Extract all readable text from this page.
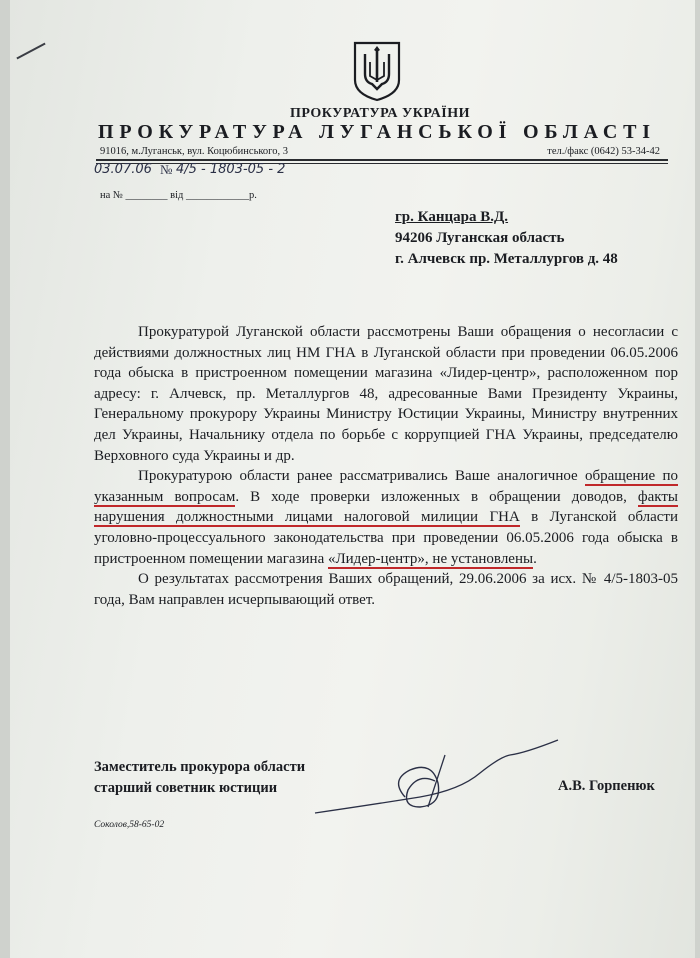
ПРОКУРАТУРА УКРАЇНИ
ПРОКУРАТУРА ЛУГАНСЬКОЇ ОБЛАСТІ
91016, м.Луганськ, вул. Коцюбинського, 3	тел./факс (0642) 53-34-42
03.07.06 № 4/5 - 1803-05 - 2
на № ________ від ____________р.
гр. Канцара В.Д.
94206 Луганская область
г. Алчевск пр. Металлургов д. 48

Прокуратурой Луганской области рассмотрены Ваши обращения о несогласии с действиями должностных лиц НМ ГНА в Луганской области при проведении 06.05.2006 года обыска в пристроенном помещении магазина «Лидер-центр», расположенном пор адресу: г. Алчевск, пр. Металлургов 48, адресованные Вами Президенту Украины, Генеральному прокурору Украины Министру Юстиции Украины, Министру внутренних дел Украины, Начальнику отдела по борьбе с коррупцией ГНА Украины, председателю Верховного суда Украины и др.

Прокуратурою области ранее рассматривались Ваше аналогичное обращение по указанным вопросам. В ходе проверки изложенных в обращении доводов, факты нарушения должностными лицами налоговой милиции ГНА в Луганской области уголовно-процессуального законодательства при проведении 06.05.2006 года обыска в пристроенном помещении магазина «Лидер-центр», не установлены.

О результатах рассмотрения Ваших обращений, 29.06.2006 за исх. № 4/5-1803-05 года, Вам направлен исчерпывающий ответ.

Заместитель прокурора области
старший советник юстиции	А.В. Горпенюк
Соколов,58-65-02
